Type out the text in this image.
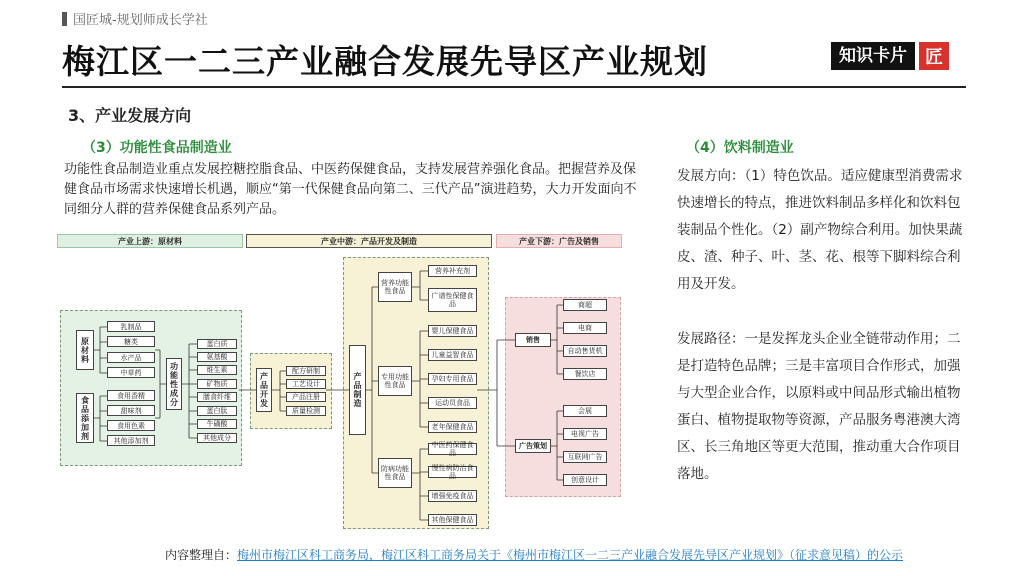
国匠城-规划师成长学社
梅江区一二三产业融合发展先导区产业规划	知识卡片	匠
3、产业发展方向
（3）功能性食品制造业
功能性食品制造业重点发展控糖控脂食品、中医药保健食品，支持发展营养强化食品。把握营养及保健食品市场需求快速增长机遇，顺应“第一代保健食品向第二、三代产品”演进趋势，大力开发面向不同细分人群的营养保健食品系列产品。
（4）饮料制造业
发展方向：（1）特色饮品。适应健康型消费需求快速增长的特点，推进饮料制品多样化和饮料包装制品个性化。（2）副产物综合利用。加快果蔬皮、渣、种子、叶、茎、花、根等下脚料综合利用及开发。
发展路径：一是发挥龙头企业全链带动作用；二是打造特色品牌；三是丰富项目合作形式，加强与大型企业合作，以原料或中间品形式输出植物蛋白、植物提取物等资源，产品服务粤港澳大湾区、长三角地区等更大范围，推动重大合作项目落地。
产业上游：原材料	产业中游：产品开发及制造	产业下游：广告及销售
原材料
乳制品
糖类
水产品
中草药
食品添加剂	食用香精
甜味剂
食用色素
其他添加剂
功能性成分
蛋白质
氨基酸
维生素
矿物质
膳食纤维
蛋白肽
牛磺酸
其他成分
产品开发
配方研制
工艺设计
产品注册
质量检测
产品制造
营养功能性食品
营养补充剂
广谱性保健食品
专用功能性食品
婴儿保健食品
儿童益智食品
孕妇专用食品
运动员食品
老年保健食品
防病功能性食品
中医药保健食品
慢性病防治食品
增强免疫食品
其他保健食品
销售
商超
电商
自动售货机
餐饮店
广告策划
会展
电视广告
互联网广告
创意设计
内容整理自：梅州市梅江区科工商务局，梅江区科工商务局关于《梅州市梅江区一二三产业融合发展先导区产业规划》（征求意见稿）的公示
